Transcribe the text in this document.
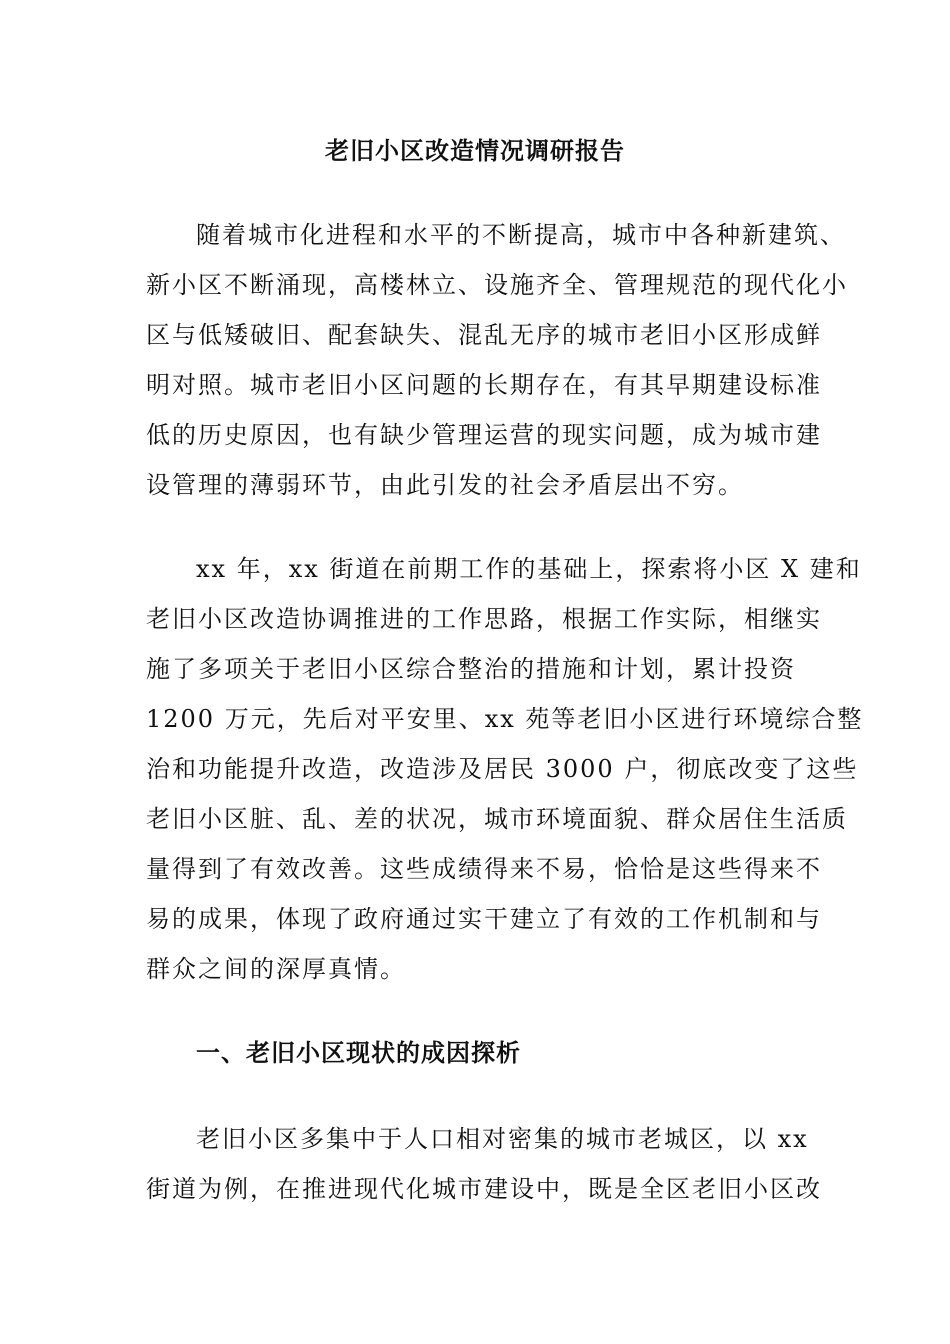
老旧小区改造情况调研报告

随着城市化进程和水平的不断提高，城市中各种新建筑、
新小区不断涌现，高楼林立、设施齐全、管理规范的现代化小
区与低矮破旧、配套缺失、混乱无序的城市老旧小区形成鲜
明对照。城市老旧小区问题的长期存在，有其早期建设标准
低的历史原因，也有缺少管理运营的现实问题，成为城市建
设管理的薄弱环节，由此引发的社会矛盾层出不穷。

xx 年，xx 街道在前期工作的基础上，探索将小区 X 建和
老旧小区改造协调推进的工作思路，根据工作实际，相继实
施了多项关于老旧小区综合整治的措施和计划，累计投资
1200 万元，先后对平安里、xx 苑等老旧小区进行环境综合整
治和功能提升改造，改造涉及居民 3000 户，彻底改变了这些
老旧小区脏、乱、差的状况，城市环境面貌、群众居住生活质
量得到了有效改善。这些成绩得来不易，恰恰是这些得来不
易的成果，体现了政府通过实干建立了有效的工作机制和与
群众之间的深厚真情。

一、老旧小区现状的成因探析

老旧小区多集中于人口相对密集的城市老城区，以 xx
街道为例，在推进现代化城市建设中，既是全区老旧小区改
